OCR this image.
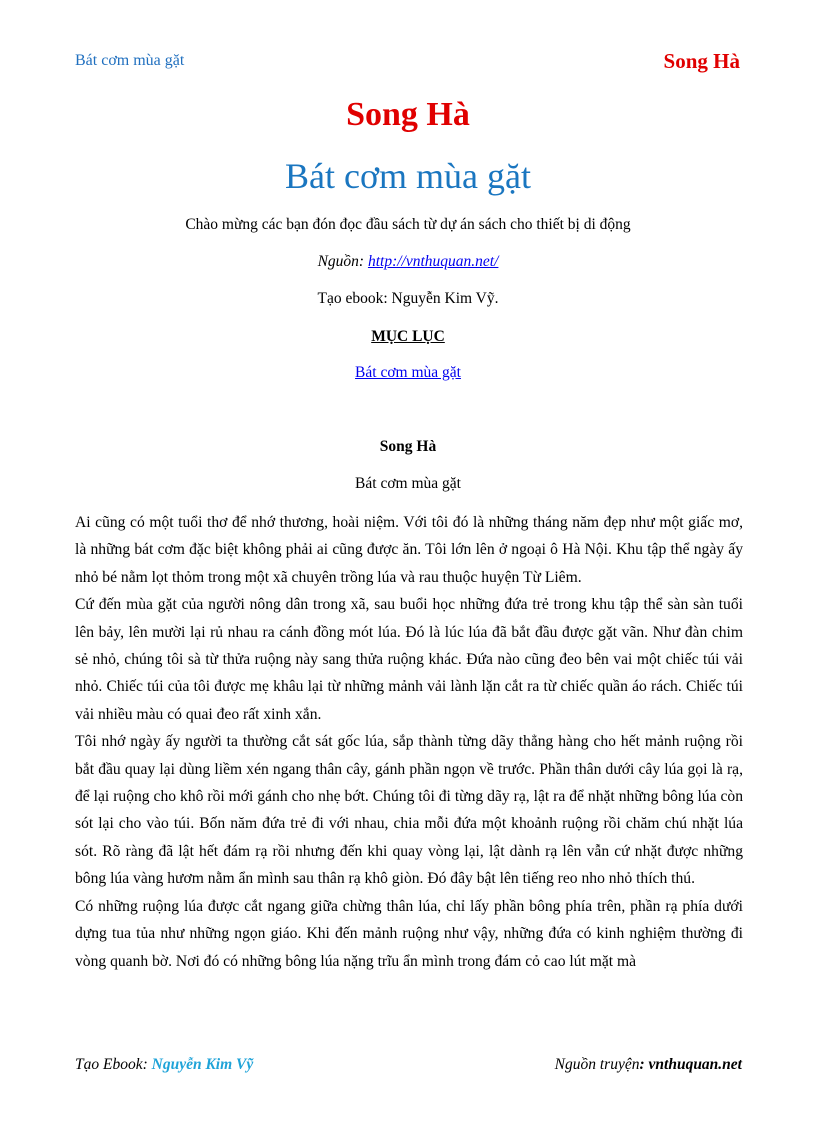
Bát cơm mùa gặt	Song Hà
Song Hà
Bát cơm mùa gặt
Chào mừng các bạn đón đọc đầu sách từ dự án sách cho thiết bị di động
Nguồn: http://vnthuquan.net/
Tạo ebook: Nguyễn Kim Vỹ.
MỤC LỤC
Bát cơm mùa gặt
Song Hà
Bát cơm mùa gặt

Ai cũng có một tuổi thơ để nhớ thương, hoài niệm. Với tôi đó là những tháng năm đẹp như một giấc mơ, là những bát cơm đặc biệt không phải ai cũng được ăn. Tôi lớn lên ở ngoại ô Hà Nội. Khu tập thể ngày ấy nhỏ bé nằm lọt thỏm trong một xã chuyên trồng lúa và rau thuộc huyện Từ Liêm.

Cứ đến mùa gặt của người nông dân trong xã, sau buổi học những đứa trẻ trong khu tập thể sàn sàn tuổi lên bảy, lên mười lại rủ nhau ra cánh đồng mót lúa. Đó là lúc lúa đã bắt đầu được gặt vãn. Như đàn chim sẻ nhỏ, chúng tôi sà từ thửa ruộng này sang thửa ruộng khác. Đứa nào cũng đeo bên vai một chiếc túi vải nhỏ. Chiếc túi của tôi được mẹ khâu lại từ những mảnh vải lành lặn cắt ra từ chiếc quần áo rách. Chiếc túi vải nhiều màu có quai đeo rất xinh xắn.

Tôi nhớ ngày ấy người ta thường cắt sát gốc lúa, sắp thành từng dãy thẳng hàng cho hết mảnh ruộng rồi bắt đầu quay lại dùng liềm xén ngang thân cây, gánh phần ngọn về trước. Phần thân dưới cây lúa gọi là rạ, để lại ruộng cho khô rồi mới gánh cho nhẹ bớt. Chúng tôi đi từng dãy rạ, lật ra để nhặt những bông lúa còn sót lại cho vào túi. Bốn năm đứa trẻ đi với nhau, chia mỗi đứa một khoảnh ruộng rồi chăm chú nhặt lúa sót. Rõ ràng đã lật hết đám rạ rồi nhưng đến khi quay vòng lại, lật dành rạ lên vẫn cứ nhặt được những bông lúa vàng hươm nằm ẩn mình sau thân rạ khô giòn. Đó đây bật lên tiếng reo nho nhỏ thích thú.

Có những ruộng lúa được cắt ngang giữa chừng thân lúa, chỉ lấy phần bông phía trên, phần rạ phía dưới dựng tua tủa như những ngọn giáo. Khi đến mảnh ruộng như vậy, những đứa có kinh nghiệm thường đi vòng quanh bờ. Nơi đó có những bông lúa nặng trĩu ẩn mình trong đám cỏ cao lút mặt mà

Tạo Ebook: Nguyễn Kim Vỹ	Nguồn truyện: vnthuquan.net
